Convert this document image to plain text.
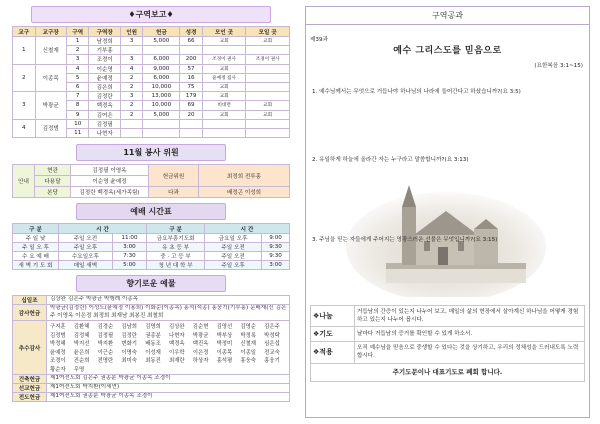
♦구역보고♦
교구	교구장	구역	구역장	인원	헌금	성경	모인 곳	모일 곳
1	신철재	1	남경희	3	5,000	66	교회	교회
		2	기부홍					
		3	조경이	3	6,000	200	조경이 권사	조경이 권사
2	이종목	4	이순영	4	9,000	57	교회	
		5	윤예정	2	6,000	16	윤예정 집사	
		6	김은희	2	10,000	75	교회	
3	박광균	7	김정란	3	13,000	179	교회	
		8	백경옥	2	10,000	69	비대면	교회
		9	김여은	2	5,000	20	교회	교회
4	김정범	10	김정필					
		11	나현자					
11월 봉사 위원
안내	현관	김정필 이영옥	헌금위원	최정희 전루홍
	다용달	이순영 윤예정		
	본당	김정란 백경옥(세가족팀)	다과	배정곤 이성희
예배 시간표
구 분	시 간		구 분	시 간	
주 일 낮	주일 오전	11:00	금요부흥기도회	금요일 오후	9:00
주 일 오 후	주일 오후	3:00	유 초 등 부	주일 오전	9:30
수 요 예 배	수요일오후	7:30	중 · 고 등 부	주일 오전	9:30
새 벽 기 도 회	매일 새벽	5:00	청 년 대 학 부	주일 오후	3:00
향기로운 예물
십일조	김상완 김은주 박광균 박행례 이종목
감사헌금	박광균(김정란) 이성도(윤예정 이용희) 이화순(이종목) 홍석(석종) 홍웅기(기부홍) 문배재(신 김은주 이영옥 이은정 최정희 최재남 최봉진 최철희
추수감사	
구지훈	김환혜	김경순	김남희	김명희	김상완	김순현	김영선	김영순	김은주
김정범	김정혜	김정필	김정란	권종분	나현자	박광균	박부상	박정록	박정탁
박정혜	박지선	박지환	변화기	배동조	백경옥	백진옥	박정미	신철재	심은섭
윤예정	윤은희	이근순	이명숙	이성재	이우학	이은정	이종목	이종일	전교숙
조경이	진순희	전명란	최미숙	최동진	최재란	하상자	홍석평	홍웅숙	홍웅기
황순자	무명								

건축헌금	제1여전도회 김은주 권종분 박광균 이종목 조경이
선교헌금	제1여전도회 박지환(이세연)
전도헌금	제1여전도회 권종분 박광균 이종목 조경이
구역공과
제39과
예수 그리스도를 믿음으로
(요한복음 3:1~15)
1. 예수님께서는 무엇으로 거듭나야 하나님의 나라에 들어간다고 하셨습니까?(요 3:5)
2. 유일하게 하늘에 올라간 자는 누구라고 말씀합니까?(요 3:13)
3. 주님을 믿는 자들에게 주어지는 영광스러운 선물은 무엇입니까?(요 3:15)
❖나눔	거듭남의 간증이 있는지 나누어 보고, 매일의 삶의 현장에서 살아계신 하나님을 어떻게 경험하고 있는지 나누어 봅시다.
❖기도	날마다 거듭남의 증거를 확인할 수 있게 하소서.
❖적용	오직 예수님을 믿음으로 중생할 수 있다는 것을 상기하고, 우리의 정체성을 드러내도록 노력합시다.
주기도문이나 대표기도로 폐회 합니다.	
